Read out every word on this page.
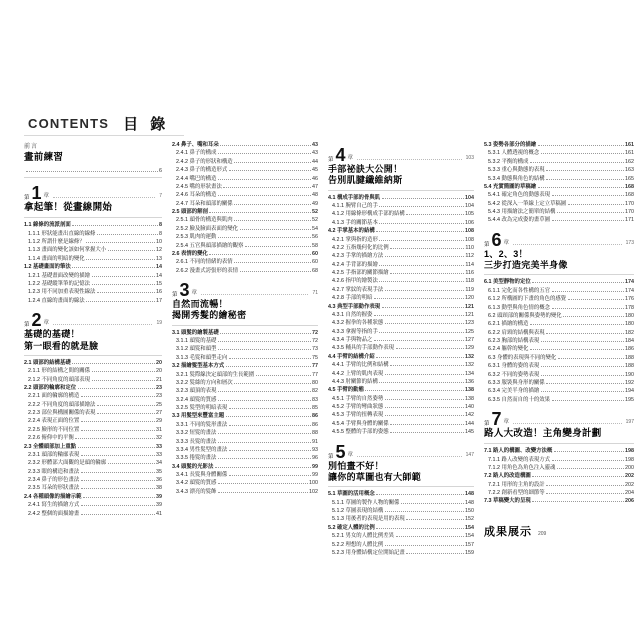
CONTENTS 目 錄
前言
畫前練習
6
第 1 章	7
拿起筆！從畫線開始
1.1 線條的流派剖面	8
1.1.1 形狀能畫出直線的線條	8
1.1.2 所謂什麼是線條？	10
1.1.3 畫面的變化該如何掌握大小	12
1.1.4 畫面的明暗的變化	13
1.2 基礎畫面的筆法	14
1.2.1 基礎畫面改變的描繪	14
1.2.2 基礎縱筆筆的記憶法	15
1.2.3 用不同加重表現性線法	16
1.2.4 直線的畫面的線法	17
第 2 章	19
基礎的基礎！
第一眼看的就是臉
2.1 頭部的結構基礎	20
2.1.1 形的結構之間的關係	20
2.1.2 不同角度的頭部表現	21
2.2 頭部的輪廓和定位	23
2.2.1 面的輪廓的構造	23
2.2.2 不同角度的頭部描繪法	25
2.2.3 部位與構圖關係的表現	27
2.2.4 表現正面的位置	29
2.2.5 臉形的不同位置	31
2.2.6 俯仰中的平衡	32
2.3 全體頭部加上重點	33
2.3.1 頭部的輪廓表現	33
2.3.2 形體部大面觀的是頭的輪廓	34
2.3.3 眼的構造和畫法	35
2.3.4 鼻子的形色畫法	36
2.3.5 耳朵的形狀畫法	38
2.4 各種頭像的描繪示範	39
2.4.1 寫生的描繪方式	39
2.4.2 整個的面描繪畫	41
2.4 鼻子、嘴和耳朵	43
2.4.1 鼻子的構成	43
2.4.2 鼻子的形狀和構造	44
2.4.3 鼻子的構造形式	45
2.4.4 嘴巴的構造	46
2.4.5 嘴的形狀畫法	47
2.4.6 耳朵的構造	48
2.4.7 耳朵和頭部的關係	49
2.5 頭部的解剖	52
2.5.1 頭骨的構造與肌肉	52
2.5.2 臉及臉面表面的變化	54
2.5.3 肌肉的運動	56
2.5.4 五官與頭部描繪的觀察	58
2.6 表情的變化	60
2.6.1 不同的情緒的表情	60
2.6.2 漫畫式誇張形的表情	68
第 3 章	71
自然而流暢！
揭開秀髮的繪秘密
3.1 頭髮的繪製基礎	72
3.1.1 頭髮的基礎	72
3.1.2 頭髮和頭型	73
3.1.3 毛髮和頭型走向	75
3.2 描繪髮型基本方式	77
3.2.1 髮際線決定頭部的生長範圍	77
3.2.2 髮絲的方向和層次	80
3.2.3 頭頂的表現	82
3.2.4 頭髮的質感	83
3.2.5 髮型的明暗表現	85
3.3 用髮型來豐富主題	86
3.3.1 不同的髮形畫法	86
3.3.2 短髮的畫法	88
3.3.3 長髮的畫法	91
3.3.4 男性髮型的畫法	93
3.3.5 捲髮的畫法	96
3.4 頭髮的光影法	99
3.4.1 長髮與身體關係	99
3.4.2 頭髮的質感	100
3.4.3 漂亮的髮飾	102
第 4 章	103
手部祕訣大公開！
告別肌腱纖維納斯
4.1 構成手部的骨與肌	104
4.1.1 腕臂自己的手	104
4.1.2 用線條形構成手部的結構	105
4.1.3 手的關節基本	106
4.2 手掌基本的結構	108
4.2.1 掌與指的造形	108
4.2.2 五指幾何化的比例	110
4.2.3 手掌的描繪方法	112
4.2.4 手背部的描繪	114
4.2.5 手指部的關節描繪	116
4.2.6 指甲的繪製法	118
4.2.7 掌紋的表現手法	119
4.2.8 手部的明暗	120
4.3 典型手部動作表現	121
4.3.1 自然的握姿	121
4.3.2 握拳的各種狀態	123
4.3.3 拿握等指的手	125
4.3.4 手與物品之	127
4.3.5 輔具的手部動作表現	129
4.4 手臂的結構介紹	132
4.4.1 手臂的比例和結構	132
4.4.2 上臂的肌肉表現	134
4.4.3 肘關節的結構	136
4.5 手臂的動態	138
4.5.1 手臂的自然姿勢	138
4.5.2 手臂的彎曲狀態	140
4.5.3 手臂的扭轉表現	142
4.5.4 手臂與身體的關係	144
4.5.5 整體的手部的姿態	145
第 5 章	147
別怕畫不好！
讓你的草圖也有大師範
5.1 草圖的活用概念	148
5.1.1 草圖的製作人物的關係	148
5.1.2 草圖表現的結構	150
5.1.3 用後者的表現是用的表現	152
5.2 確定人體的比例	154
5.2.1 男女的人體比例差異	154
5.2.2 理想的人體比例	157
5.2.3 用身體結構定位開始記畫	159
5.3 姿勢各部分的描繪	161
5.3.1 人體透視的概念	161
5.3.2 平衡的構成	162
5.3.3 重心與動態的表現	163
5.3.4 動態與角色的結構	165
5.4 充實簡圖的草稿繪	168
5.4.1 確定角色的動態表現	168
5.4.2 從深入一筆線上定立草稿圖	170
5.4.3 用描繪法之簡單的結構	170
5.4.4 改為完成姿的畫草圖	171
第 6 章	173
1、2、3！
三步打造完美半身像
6.1 美型靜物的定位	174
6.1.1 完化而各性構的五官	174
6.1.2 所構圖的下畫的角色的感覺	176
6.1.3 動型與角色情的概念	178
6.2 頭頸部的關係與姿勢的變化	180
6.2.1 描繪的構造	180
6.2.2 肩頸的結構與表現	182
6.2.3 胸部的結構表現	184
6.2.4 軀幹的變化	186
6.3 身體的表現與不同的變化	188
6.3.1 身體的姿的表現	188
6.3.2 不同的姿勢表現	190
6.3.3 服裝與身形的關係	192
6.3.4 完美半身的描繪	194
6.3.5 自然而自的十的效果	195
第 7 章	197
路人大改造！主角變身計劃
7.1 路人的構圖、改變方法概	198
7.1.1 路人改變的表現方式	198
7.1.2 用角色為角色注入靈魂	200
7.2 路人的改造構圖	202
7.2.1 用形的主角的設計	202
7.2.2 創新看型的細節等	204
7.3 草稿變大的呈現	206
成果展示 209
